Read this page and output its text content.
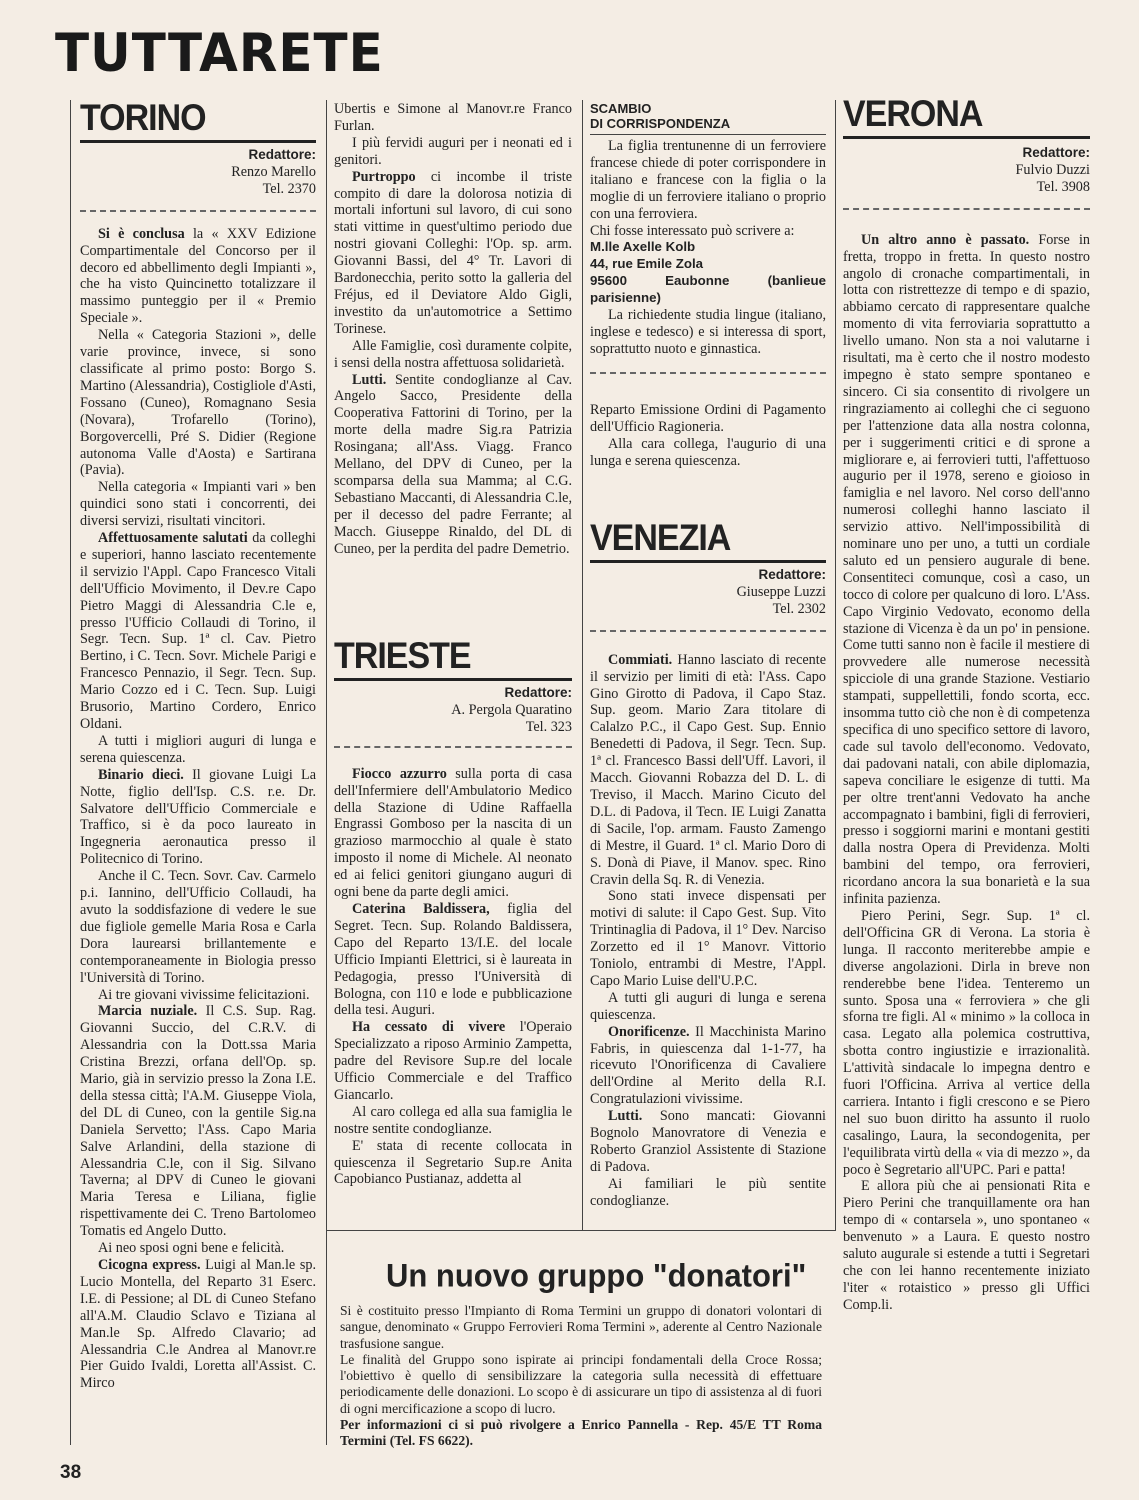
TUTTARETE
TORINO
Redattore:
Renzo Marello
Tel. 2370

Si è conclusa la « XXV Edizione Compartimentale del Concorso per il decoro ed abbellimento degli Impianti », che ha visto Quincinetto totalizzare il massimo punteggio per il « Premio Speciale ».

Nella « Categoria Stazioni », delle varie province, invece, si sono classificate al primo posto: Borgo S. Martino (Alessandria), Costigliole d'Asti, Fossano (Cuneo), Romagnano Sesia (Novara), Trofarello (Torino), Borgovercelli, Pré S. Didier (Regione autonoma Valle d'Aosta) e Sartirana (Pavia).

Nella categoria « Impianti vari » ben quindici sono stati i concorrenti, dei diversi servizi, risultati vincitori.

Affettuosamente salutati da colleghi e superiori, hanno lasciato recentemente il servizio l'Appl. Capo Francesco Vitali dell'Ufficio Movimento, il Dev.re Capo Pietro Maggi di Alessandria C.le e, presso l'Ufficio Collaudi di Torino, il Segr. Tecn. Sup. 1ª cl. Cav. Pietro Bertino, i C. Tecn. Sovr. Michele Parigi e Francesco Pennazio, il Segr. Tecn. Sup. Mario Cozzo ed i C. Tecn. Sup. Luigi Brusorio, Martino Cordero, Enrico Oldani.

A tutti i migliori auguri di lunga e serena quiescenza.

Binario dieci. Il giovane Luigi La Notte, figlio dell'Isp. C.S. r.e. Dr. Salvatore dell'Ufficio Commerciale e Traffico, si è da poco laureato in Ingegneria aeronautica presso il Politecnico di Torino.

Anche il C. Tecn. Sovr. Cav. Carmelo p.i. Iannino, dell'Ufficio Collaudi, ha avuto la soddisfazione di vedere le sue due figliole gemelle Maria Rosa e Carla Dora laurearsi brillantemente e contemporaneamente in Biologia presso l'Università di Torino.

Ai tre giovani vivissime felicitazioni.

Marcia nuziale. Il C.S. Sup. Rag. Giovanni Succio, del C.R.V. di Alessandria con la Dott.ssa Maria Cristina Brezzi, orfana dell'Op. sp. Mario, già in servizio presso la Zona I.E. della stessa città; l'A.M. Giuseppe Viola, del DL di Cuneo, con la gentile Sig.na Daniela Servetto; l'Ass. Capo Maria Salve Arlandini, della stazione di Alessandria C.le, con il Sig. Silvano Taverna; al DPV di Cuneo le giovani Maria Teresa e Liliana, figlie rispettivamente dei C. Treno Bartolomeo Tomatis ed Angelo Dutto.

Ai neo sposi ogni bene e felicità.

Cicogna express. Luigi al Man.le sp. Lucio Montella, del Reparto 31 Eserc. I.E. di Pessione; al DL di Cuneo Stefano all'A.M. Claudio Sclavo e Tiziana al Man.le Sp. Alfredo Clavario; ad Alessandria C.le Andrea al Manovr.re Pier Guido Ivaldi, Loretta all'Assist. C. Mirco

Ubertis e Simone al Manovr.re Franco Furlan.

I più fervidi auguri per i neonati ed i genitori.

Purtroppo ci incombe il triste compito di dare la dolorosa notizia di mortali infortuni sul lavoro, di cui sono stati vittime in quest'ultimo periodo due nostri giovani Colleghi: l'Op. sp. arm. Giovanni Bassi, del 4° Tr. Lavori di Bardonecchia, perito sotto la galleria del Fréjus, ed il Deviatore Aldo Gigli, investito da un'automotrice a Settimo Torinese.

Alle Famiglie, così duramente colpite, i sensi della nostra affettuosa solidarietà.

Lutti. Sentite condoglianze al Cav. Angelo Sacco, Presidente della Cooperativa Fattorini di Torino, per la morte della madre Sig.ra Patrizia Rosingana; all'Ass. Viagg. Franco Mellano, del DPV di Cuneo, per la scomparsa della sua Mamma; al C.G. Sebastiano Maccanti, di Alessandria C.le, per il decesso del padre Ferrante; al Macch. Giuseppe Rinaldo, del DL di Cuneo, per la perdita del padre Demetrio.

TRIESTE
Redattore:
A. Pergola Quaratino
Tel. 323

Fiocco azzurro sulla porta di casa dell'Infermiere dell'Ambulatorio Medico della Stazione di Udine Raffaella Engrassi Gomboso per la nascita di un grazioso marmocchio al quale è stato imposto il nome di Michele. Al neonato ed ai felici genitori giungano auguri di ogni bene da parte degli amici.

Caterina Baldissera, figlia del Segret. Tecn. Sup. Rolando Baldissera, Capo del Reparto 13/I.E. del locale Ufficio Impianti Elettrici, si è laureata in Pedagogia, presso l'Università di Bologna, con 110 e lode e pubblicazione della tesi. Auguri.

Ha cessato di vivere l'Operaio Specializzato a riposo Arminio Zampetta, padre del Revisore Sup.re del locale Ufficio Commerciale e del Traffico Giancarlo.

Al caro collega ed alla sua famiglia le nostre sentite condoglianze.

E' stata di recente collocata in quiescenza il Segretario Sup.re Anita Capobianco Pustianaz, addetta al

SCAMBIO
DI CORRISPONDENZA

La figlia trentunenne di un ferroviere francese chiede di poter corrispondere in italiano e francese con la figlia o la moglie di un ferroviere italiano o proprio con una ferroviera.

Chi fosse interessato può scrivere a:

M.lle Axelle Kolb

44, rue Emile Zola

95600 Eaubonne (banlieue parisienne)

La richiedente studia lingue (italiano, inglese e tedesco) e si interessa di sport, soprattutto nuoto e ginnastica.

Reparto Emissione Ordini di Pagamento dell'Ufficio Ragioneria.

Alla cara collega, l'augurio di una lunga e serena quiescenza.

VENEZIA
Redattore:
Giuseppe Luzzi
Tel. 2302

Commiati. Hanno lasciato di recente il servizio per limiti di età: l'Ass. Capo Gino Girotto di Padova, il Capo Staz. Sup. geom. Mario Zara titolare di Calalzo P.C., il Capo Gest. Sup. Ennio Benedetti di Padova, il Segr. Tecn. Sup. 1ª cl. Francesco Bassi dell'Uff. Lavori, il Macch. Giovanni Robazza del D. L. di Treviso, il Macch. Marino Cicuto del D.L. di Padova, il Tecn. IE Luigi Zanatta di Sacile, l'op. armam. Fausto Zamengo di Mestre, il Guard. 1ª cl. Mario Doro di S. Donà di Piave, il Manov. spec. Rino Cravin della Sq. R. di Venezia.

Sono stati invece dispensati per motivi di salute: il Capo Gest. Sup. Vito Trintinaglia di Padova, il 1° Dev. Narciso Zorzetto ed il 1° Manovr. Vittorio Toniolo, entrambi di Mestre, l'Appl. Capo Mario Luise dell'U.P.C.

A tutti gli auguri di lunga e serena quiescenza.

Onorificenze. Il Macchinista Marino Fabris, in quiescenza dal 1-1-77, ha ricevuto l'Onorificenza di Cavaliere dell'Ordine al Merito della R.I. Congratulazioni vivissime.

Lutti. Sono mancati: Giovanni Bognolo Manovratore di Venezia e Roberto Granziol Assistente di Stazione di Padova.

Ai familiari le più sentite condoglianze.

VERONA
Redattore:
Fulvio Duzzi
Tel. 3908

Un altro anno è passato. Forse in fretta, troppo in fretta. In questo nostro angolo di cronache compartimentali, in lotta con ristrettezze di tempo e di spazio, abbiamo cercato di rappresentare qualche momento di vita ferroviaria soprattutto a livello umano. Non sta a noi valutarne i risultati, ma è certo che il nostro modesto impegno è stato sempre spontaneo e sincero. Ci sia consentito di rivolgere un ringraziamento ai colleghi che ci seguono per l'attenzione data alla nostra colonna, per i suggerimenti critici e di sprone a migliorare e, ai ferrovieri tutti, l'affettuoso augurio per il 1978, sereno e gioioso in famiglia e nel lavoro. Nel corso dell'anno numerosi colleghi hanno lasciato il servizio attivo. Nell'impossibilità di nominare uno per uno, a tutti un cordiale saluto ed un pensiero augurale di bene. Consentiteci comunque, così a caso, un tocco di colore per qualcuno di loro. L'Ass. Capo Virginio Vedovato, economo della stazione di Vicenza è da un po' in pensione. Come tutti sanno non è facile il mestiere di provvedere alle numerose necessità spicciole di una grande Stazione. Vestiario stampati, suppellettili, fondo scorta, ecc. insomma tutto ciò che non è di competenza specifica di uno specifico settore di lavoro, cade sul tavolo dell'economo. Vedovato, dai padovani natali, con abile diplomazia, sapeva conciliare le esigenze di tutti. Ma per oltre trent'anni Vedovato ha anche accompagnato i bambini, figli di ferrovieri, presso i soggiorni marini e montani gestiti dalla nostra Opera di Previdenza. Molti bambini del tempo, ora ferrovieri, ricordano ancora la sua bonarietà e la sua infinita pazienza.

Piero Perini, Segr. Sup. 1ª cl. dell'Officina GR di Verona. La storia è lunga. Il racconto meriterebbe ampie e diverse angolazioni. Dirla in breve non renderebbe bene l'idea. Tenteremo un sunto. Sposa una « ferroviera » che gli sforna tre figli. Al « minimo » la colloca in casa. Legato alla polemica costruttiva, sbotta contro ingiustizie e irrazionalità. L'attività sindacale lo impegna dentro e fuori l'Officina. Arriva al vertice della carriera. Intanto i figli crescono e se Piero nel suo buon diritto ha assunto il ruolo casalingo, Laura, la secondogenita, per l'equilibrata virtù della « via di mezzo », da poco è Segretario all'UPC. Pari e patta!

E allora più che ai pensionati Rita e Piero Perini che tranquillamente ora han tempo di « contarsela », uno spontaneo « benvenuto » a Laura. E questo nostro saluto augurale si estende a tutti i Segretari che con lei hanno recentemente iniziato l'iter « rotaistico » presso gli Uffici Comp.li.

Un nuovo gruppo "donatori"

Si è costituito presso l'Impianto di Roma Termini un gruppo di donatori volontari di sangue, denominato « Gruppo Ferrovieri Roma Termini », aderente al Centro Nazionale trasfusione sangue.

Le finalità del Gruppo sono ispirate ai principi fondamentali della Croce Rossa; l'obiettivo è quello di sensibilizzare la categoria sulla necessità di effettuare periodicamente delle donazioni. Lo scopo è di assicurare un tipo di assistenza al di fuori di ogni mercificazione a scopo di lucro.

Per informazioni ci si può rivolgere a Enrico Pannella - Rep. 45/E TT Roma Termini (Tel. FS 6622).

38
